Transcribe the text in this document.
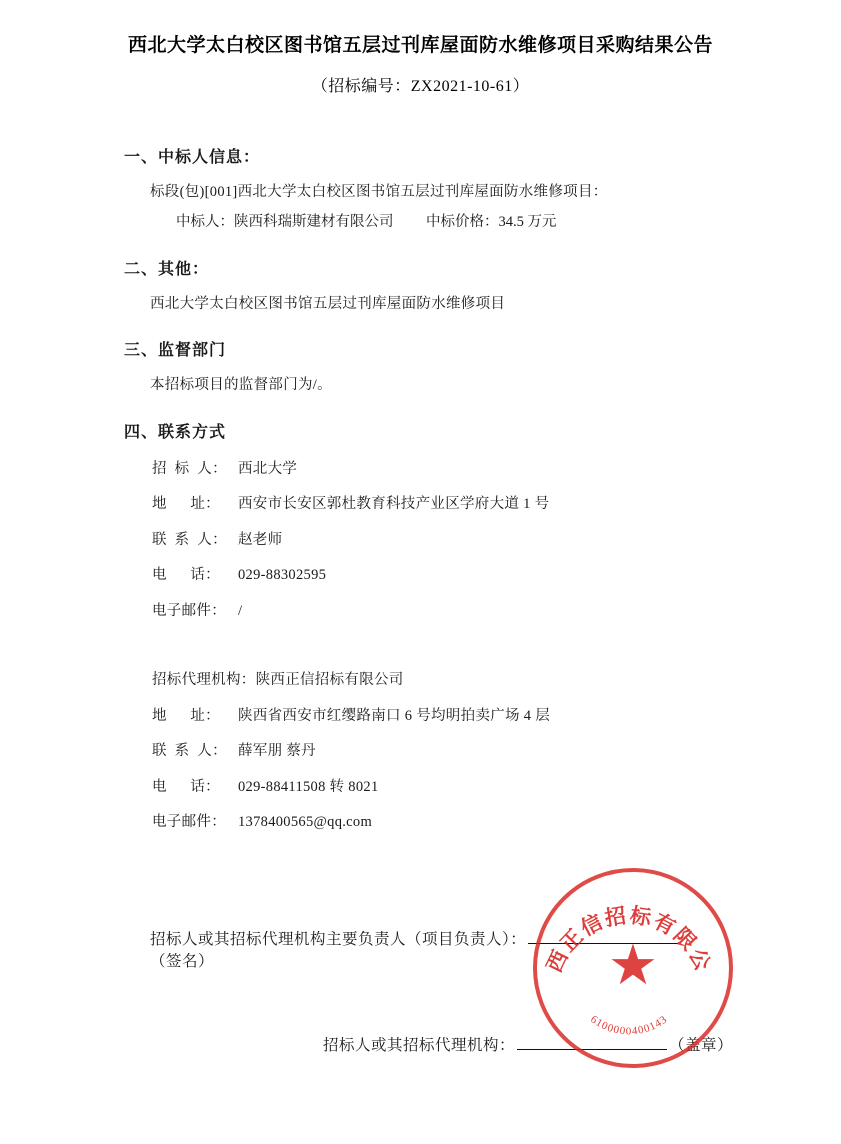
西北大学太白校区图书馆五层过刊库屋面防水维修项目采购结果公告
（招标编号：ZX2021-10-61）
一、中标人信息：
标段(包)[001]西北大学太白校区图书馆五层过刊库屋面防水维修项目：
中标人：陕西科瑞斯建材有限公司	中标价格：34.5 万元
二、其他：
西北大学太白校区图书馆五层过刊库屋面防水维修项目
三、监督部门
本招标项目的监督部门为/。
四、联系方式
招  标  人： 西北大学
地      址：	西安市长安区郭杜教育科技产业区学府大道 1 号
联  系  人： 赵老师
电      话：	029-88302595
电子邮件： /
招标代理机构：陕西正信招标有限公司
地      址：	陕西省西安市红缨路南口 6 号均明拍卖广场 4 层
联  系  人： 薛军朋 蔡丹
电      话：	029-88411508 转 8021
电子邮件： 1378400565@qq.com
招标人或其招标代理机构主要负责人（项目负责人）：（签名）
招标人或其招标代理机构：	（盖章）
★
陕西正信招标有限公司
6100000400143
